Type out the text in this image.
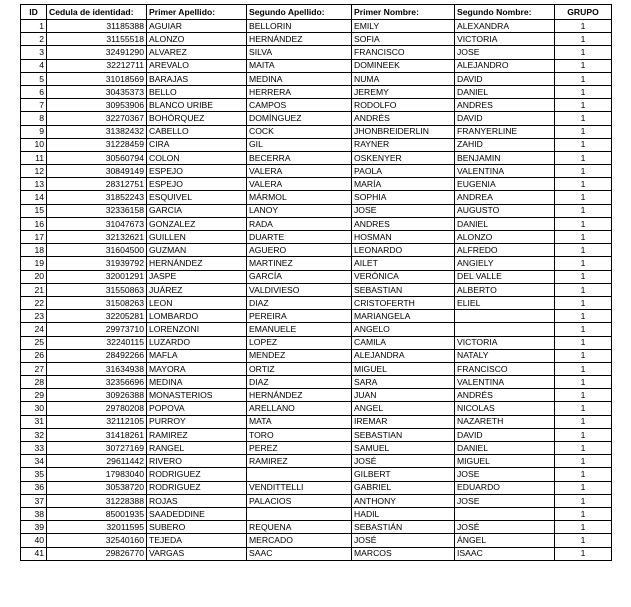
ID	Cedula de identidad:	Primer Apellido:	Segundo Apellido:	Primer Nombre:	Segundo Nombre:	GRUPO
1	31185388	AGUIAR	BELLORIN	EMILY	ALEXANDRA	1
2	31155518	ALONZO	HERNÁNDEZ	SOFIA	VICTORIA	1
3	32491290	ALVAREZ	SILVA	FRANCISCO	JOSE	1
4	32212711	AREVALO	MAITA	DOMINEEK	ALEJANDRO	1
5	31018569	BARAJAS	MEDINA	NUMA	DAVID	1
6	30435373	BELLO	HERRERA	JEREMY	DANIEL	1
7	30953906	BLANCO URIBE	CAMPOS	RODOLFO	ANDRES	1
8	32270367	BOHÓRQUEZ	DOMÍNGUEZ	ANDRÉS	DAVID	1
9	31382432	CABELLO	COCK	JHONBREIDERLIN	FRANYERLINE	1
10	31228459	CIRA	GIL	RAYNER	ZAHID	1
11	30560794	COLON	BECERRA	OSKENYER	BENJAMIN	1
12	30849149	ESPEJO	VALERA	PAOLA	VALENTINA	1
13	28312751	ESPEJO	VALERA	MARÍA	EUGENIA	1
14	31852243	ESQUIVEL	MÁRMOL	SOPHIA	ANDREA	1
15	32336158	GARCIA	LANOY	JOSE	AUGUSTO	1
16	31047673	GONZALEZ	RADA	ANDRES	DANIEL	1
17	32132621	GUILLEN	DUARTE	HOSMAN	ALONZO	1
18	31604500	GUZMAN	AGUERO	LEONARDO	ALFREDO	1
19	31939792	HERNÁNDEZ	MARTINEZ	AILET	ANGIELY	1
20	32001291	JASPE	GARCÍA	VERÓNICA	DEL VALLE	1
21	31550863	JUÁREZ	VALDIVIESO	SEBASTIAN	ALBERTO	1
22	31508263	LEON	DIAZ	CRISTOFERTH	ELIEL	1
23	32205281	LOMBARDO	PEREIRA	MARIANGELA		1
24	29973710	LORENZONI	EMANUELE	ANGELO		1
25	32240115	LUZARDO	LOPEZ	CAMILA	VICTORIA	1
26	28492266	MAFLA	MENDEZ	ALEJANDRA	NATALY	1
27	31634938	MAYORA	ORTIZ	MIGUEL	FRANCISCO	1
28	32356696	MEDINA	DIAZ	SARA	VALENTINA	1
29	30926388	MONASTERIOS	HERNÁNDEZ	JUAN	ANDRÉS	1
30	29780208	POPOVA	ARELLANO	ANGEL	NICOLAS	1
31	32112105	PURROY	MATA	IREMAR	NAZARETH	1
32	31418261	RAMIREZ	TORO	SEBASTIAN	DAVID	1
33	30727169	RANGEL	PEREZ	SAMUEL	DANIEL	1
34	29611442	RIVERO	RAMIREZ	JOSÉ	MIGUEL	1
35	17983040	RODRIGUEZ		GILBERT	JOSE	1
36	30538720	RODRIGUEZ	VENDITTELLI	GABRIEL	EDUARDO	1
37	31228388	ROJAS	PALACIOS	ANTHONY	JOSE	1
38	85001935	SAADEDDINE		HADIL		1
39	32011595	SUBERO	REQUENA	SEBASTIÁN	JOSÉ	1
40	32540160	TEJEDA	MERCADO	JOSÉ	ÁNGEL	1
41	29826770	VARGAS	SAAC	MARCOS	ISAAC	1
